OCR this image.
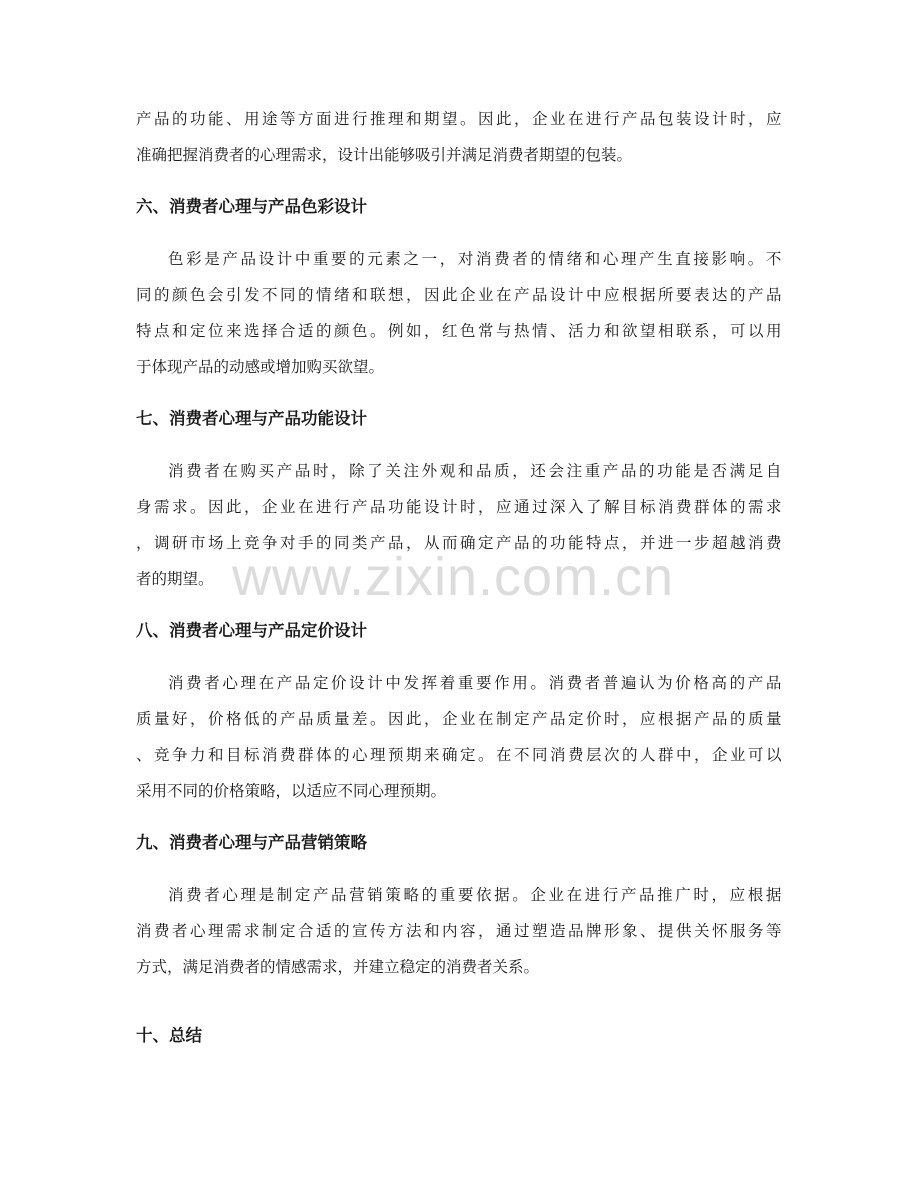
www.zixin.com.cn
产品的功能、用途等方面进行推理和期望。因此，企业在进行产品包装设计时，应
准确把握消费者的心理需求，设计出能够吸引并满足消费者期望的包装。
六、消费者心理与产品色彩设计
色彩是产品设计中重要的元素之一，对消费者的情绪和心理产生直接影响。不
同的颜色会引发不同的情绪和联想，因此企业在产品设计中应根据所要表达的产品
特点和定位来选择合适的颜色。例如，红色常与热情、活力和欲望相联系，可以用
于体现产品的动感或增加购买欲望。
七、消费者心理与产品功能设计
消费者在购买产品时，除了关注外观和品质，还会注重产品的功能是否满足自
身需求。因此，企业在进行产品功能设计时，应通过深入了解目标消费群体的需求
，调研市场上竞争对手的同类产品，从而确定产品的功能特点，并进一步超越消费
者的期望。
八、消费者心理与产品定价设计
消费者心理在产品定价设计中发挥着重要作用。消费者普遍认为价格高的产品
质量好，价格低的产品质量差。因此，企业在制定产品定价时，应根据产品的质量
、竞争力和目标消费群体的心理预期来确定。在不同消费层次的人群中，企业可以
采用不同的价格策略，以适应不同心理预期。
九、消费者心理与产品营销策略
消费者心理是制定产品营销策略的重要依据。企业在进行产品推广时，应根据
消费者心理需求制定合适的宣传方法和内容，通过塑造品牌形象、提供关怀服务等
方式，满足消费者的情感需求，并建立稳定的消费者关系。
十、总结
